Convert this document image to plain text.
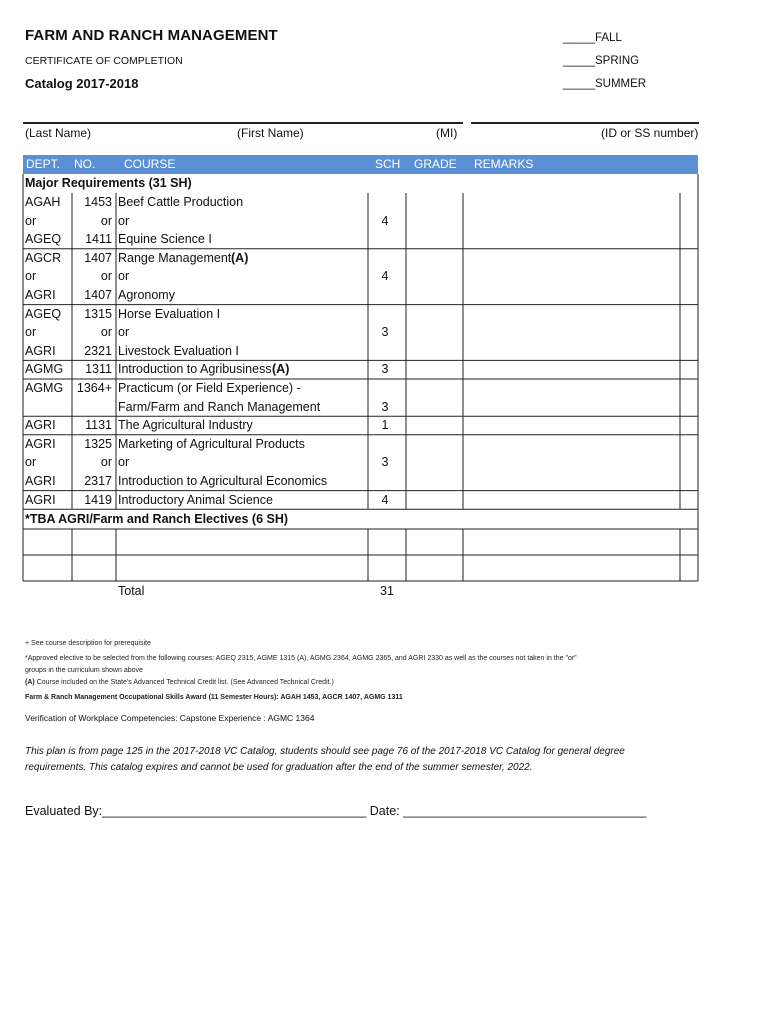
FARM AND RANCH MANAGEMENT
CERTIFICATE OF COMPLETION
Catalog 2017-2018
_____FALL
_____SPRING
_____SUMMER
(Last Name)	(First Name)	(MI)	(ID or SS number)
DEPT. NO. COURSE	SCH GRADE REMARKS
Major Requirements (31 SH)
AGAH	1453 Beef Cattle Production
or	or or	4
AGEQ	1411 Equine Science I
AGCR	1407 Range Management (A)
or	or or	4
AGRI	1407 Agronomy
AGEQ	1315 Horse Evaluation I
or	or or	3
AGRI	2321 Livestock Evaluation I
AGMG	1311 Introduction to Agribusiness (A)	3
AGMG	1364+ Practicum (or Field Experience) -
Farm/Farm and Ranch Management	3
AGRI	1131 The Agricultural Industry	1
AGRI	1325 Marketing of Agricultural Products
or	or or	3
AGRI	2317 Introduction to Agricultural Economics
AGRI	1419 Introductory Animal Science	4
*TBA AGRI/Farm and Ranch Electives (6 SH)
Total	31
+ See course description for prerequisite
*Approved elective to be selected from the following courses: AGEQ 2315, AGME 1315 (A), AGMG 2364, AGMG 2365, and AGRI 2330 as well as the courses not taken in the "or"
groups in the curriculum shown above
(A) Course included on the State's Advanced Technical Credit list. (See Advanced Technical Credit.)
Farm & Ranch Management Occupational Skills Award (11 Semester Hours): AGAH 1453, AGCR 1407, AGMG 1311
Verification of Workplace Competencies: Capstone Experience : AGMC 1364
This plan is from page 125 in the 2017-2018 VC Catalog, students should see page 76 of the 2017-2018 VC Catalog for general degree requirements. This catalog expires and cannot be used for graduation after the end of the summer semester, 2022.
Evaluated By:______________________________________ Date: ___________________________________
